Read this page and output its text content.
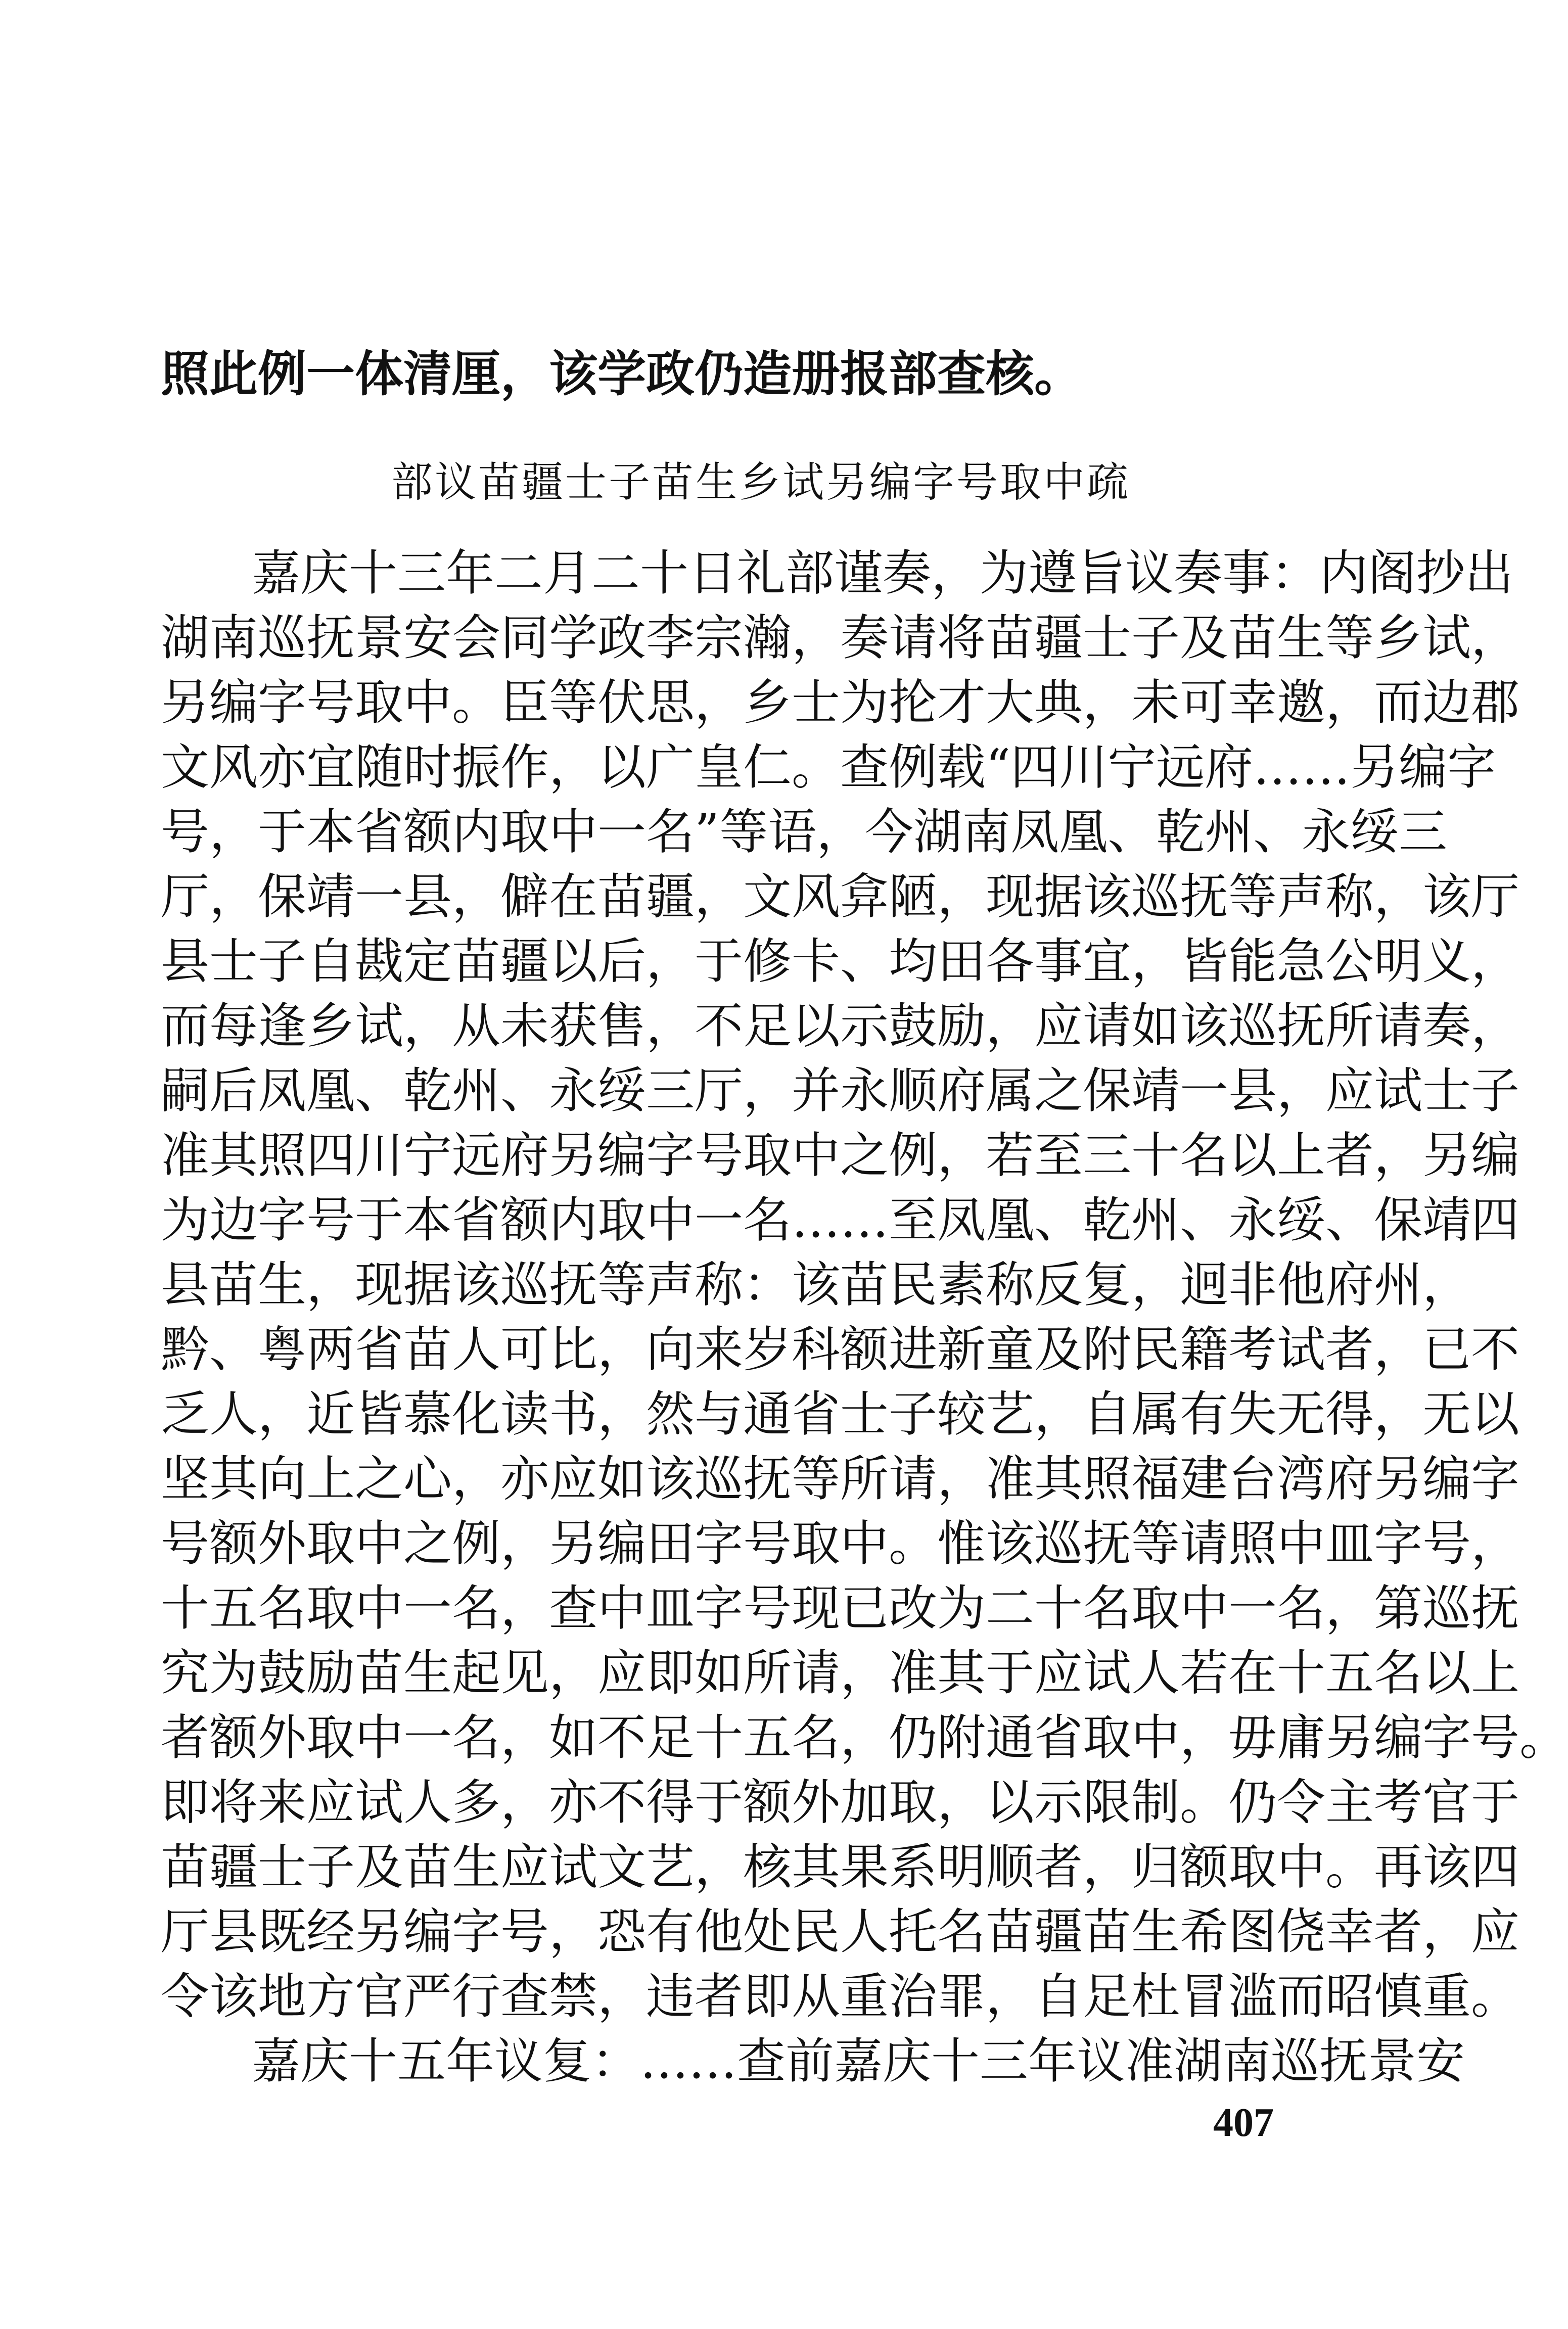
照此例一体清厘，该学政仍造册报部查核。
部议苗疆士子苗生乡试另编字号取中疏
嘉庆十三年二月二十日礼部谨奏，为遵旨议奏事：内阁抄出
湖南巡抚景安会同学政李宗瀚，奏请将苗疆士子及苗生等乡试，
另编字号取中。臣等伏思，乡士为抡才大典，未可幸邀，而边郡
文风亦宜随时振作，以广皇仁。查例载“四川宁远府……另编字
号，于本省额内取中一名”等语，今湖南凤凰、乾州、永绥三
厅，保靖一县，僻在苗疆，文风弇陋，现据该巡抚等声称，该厅
县士子自戡定苗疆以后，于修卡、均田各事宜，皆能急公明义，
而每逢乡试，从未获售，不足以示鼓励，应请如该巡抚所请奏，
嗣后凤凰、乾州、永绥三厅，并永顺府属之保靖一县，应试士子
准其照四川宁远府另编字号取中之例，若至三十名以上者，另编
为边字号于本省额内取中一名……至凤凰、乾州、永绥、保靖四
县苗生，现据该巡抚等声称：该苗民素称反复，迥非他府州，
黔、粤两省苗人可比，向来岁科额进新童及附民籍考试者，已不
乏人，近皆慕化读书，然与通省士子较艺，自属有失无得，无以
坚其向上之心，亦应如该巡抚等所请，准其照福建台湾府另编字
号额外取中之例，另编田字号取中。惟该巡抚等请照中皿字号，
十五名取中一名，查中皿字号现已改为二十名取中一名，第巡抚
究为鼓励苗生起见，应即如所请，准其于应试人若在十五名以上
者额外取中一名，如不足十五名，仍附通省取中，毋庸另编字号。
即将来应试人多，亦不得于额外加取，以示限制。仍令主考官于
苗疆士子及苗生应试文艺，核其果系明顺者，归额取中。再该四
厅县既经另编字号，恐有他处民人托名苗疆苗生希图侥幸者，应
令该地方官严行查禁，违者即从重治罪，自足杜冒滥而昭慎重。
嘉庆十五年议复：……查前嘉庆十三年议准湖南巡抚景安
407
